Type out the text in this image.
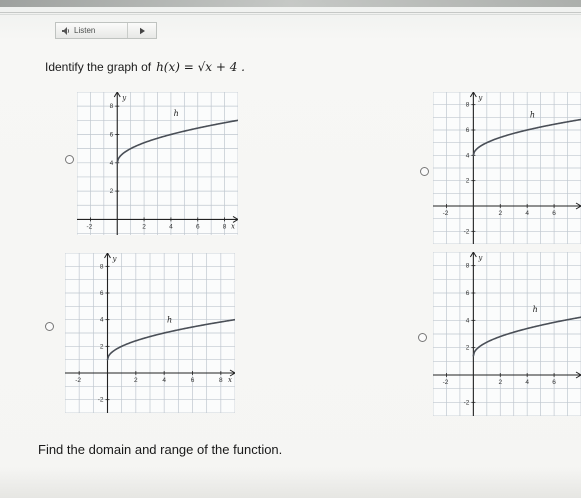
Listen
Identify the graph of h(x) = √x + 4 .
-2	2	4	6	8
8
6
4
2
y
x
h
-2	2	4	6
8
6
4
2
-2
y
h
-2	2	4	6	8
8
6
4
2
-2
y
x
h
-2	2	4	6
8
6
4
2
-2
y
h
Find the domain and range of the function.
